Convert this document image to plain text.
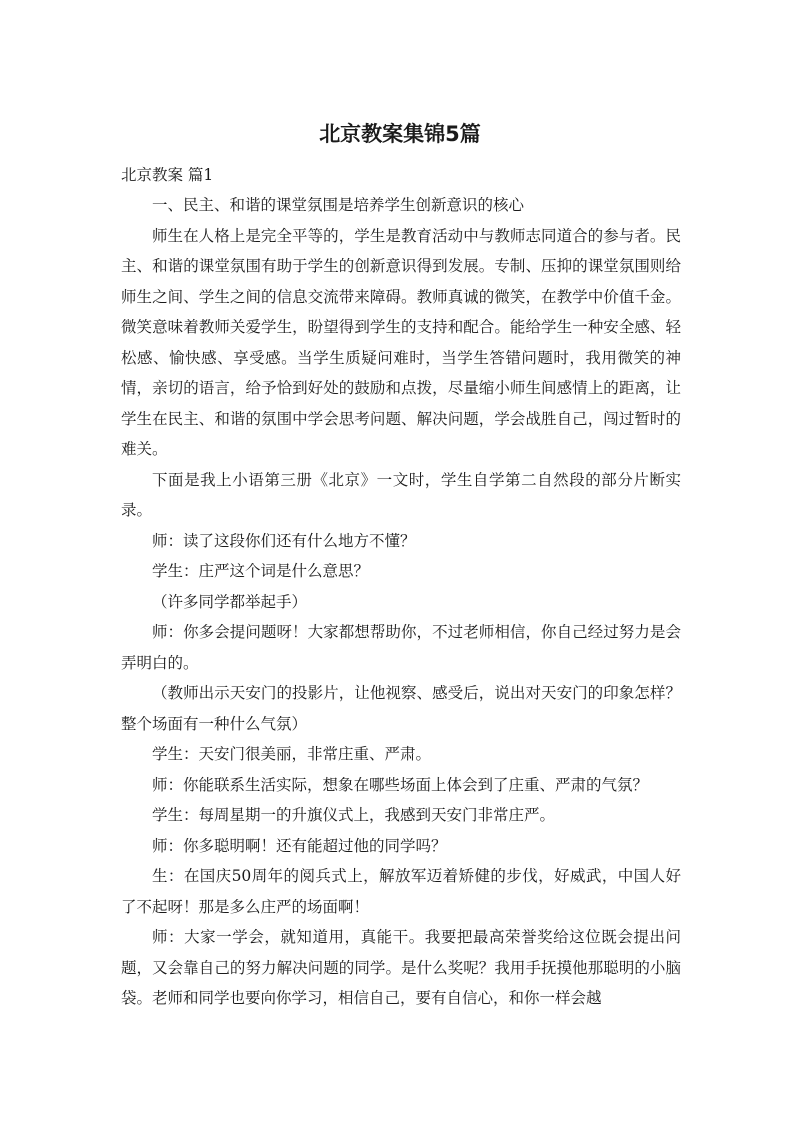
北京教案集锦5篇

北京教案 篇1

一、民主、和谐的课堂氛围是培养学生创新意识的核心

师生在人格上是完全平等的，学生是教育活动中与教师志同道合的参与者。民主、和谐的课堂氛围有助于学生的创新意识得到发展。专制、压抑的课堂氛围则给师生之间、学生之间的信息交流带来障碍。教师真诚的微笑，在教学中价值千金。微笑意味着教师关爱学生，盼望得到学生的支持和配合。能给学生一种安全感、轻松感、愉快感、享受感。当学生质疑问难时，当学生答错问题时，我用微笑的神情，亲切的语言，给予恰到好处的鼓励和点拨，尽量缩小师生间感情上的距离，让学生在民主、和谐的氛围中学会思考问题、解决问题，学会战胜自己，闯过暂时的难关。

下面是我上小语第三册《北京》一文时，学生自学第二自然段的部分片断实录。

师：读了这段你们还有什么地方不懂？

学生：庄严这个词是什么意思？

（许多同学都举起手）

师：你多会提问题呀！大家都想帮助你，不过老师相信，你自己经过努力是会弄明白的。

（教师出示天安门的投影片，让他视察、感受后，说出对天安门的印象怎样？整个场面有一种什么气氛）

学生：天安门很美丽，非常庄重、严肃。

师：你能联系生活实际，想象在哪些场面上体会到了庄重、严肃的气氛？

学生：每周星期一的升旗仪式上，我感到天安门非常庄严。

师：你多聪明啊！还有能超过他的同学吗？

生：在国庆50周年的阅兵式上，解放军迈着矫健的步伐，好威武，中国人好了不起呀！那是多么庄严的场面啊！

师：大家一学会，就知道用，真能干。我要把最高荣誉奖给这位既会提出问题，又会靠自己的努力解决问题的同学。是什么奖呢？我用手抚摸他那聪明的小脑袋。老师和同学也要向你学习，相信自己，要有自信心，和你一样会越
